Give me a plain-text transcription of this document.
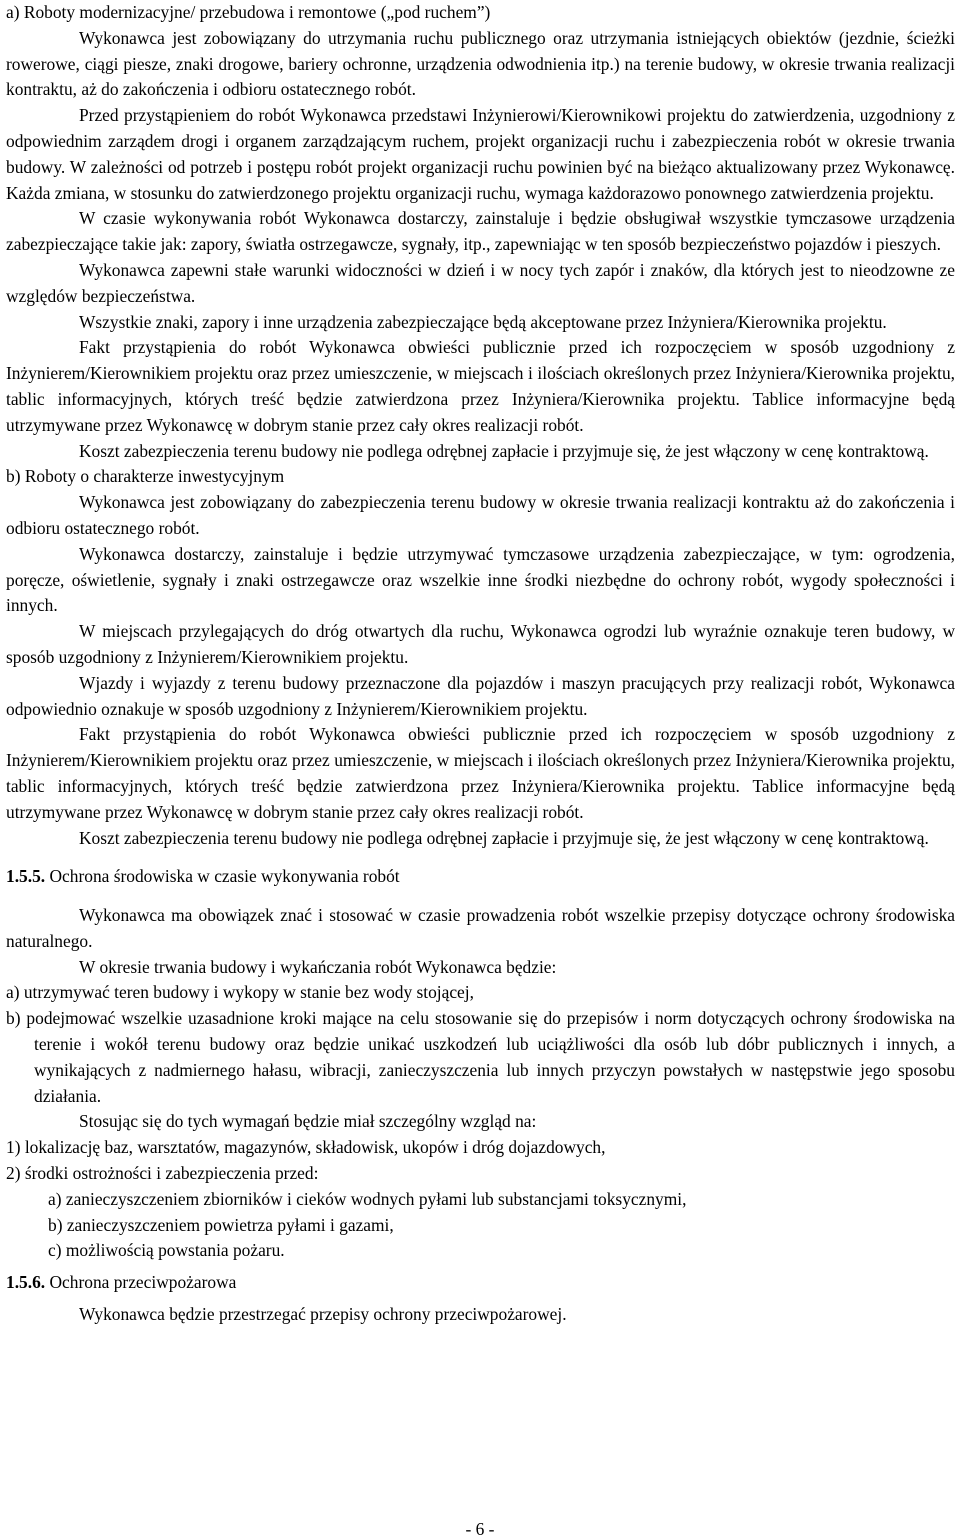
a) Roboty modernizacyjne/ przebudowa i remontowe („pod ruchem”)

Wykonawca jest zobowiązany do utrzymania ruchu publicznego oraz utrzymania istniejących obiektów (jezdnie, ścieżki rowerowe, ciągi piesze, znaki drogowe, bariery ochronne, urządzenia odwodnienia itp.) na terenie budowy, w okresie trwania realizacji kontraktu, aż do zakończenia i odbioru ostatecznego robót.

Przed przystąpieniem do robót Wykonawca przedstawi Inżynierowi/Kierownikowi projektu do zatwierdzenia, uzgodniony z odpowiednim zarządem drogi i organem zarządzającym ruchem, projekt organizacji ruchu i zabezpieczenia robót w okresie trwania budowy. W zależności od potrzeb i postępu robót projekt organizacji ruchu powinien być na bieżąco aktualizowany przez Wykonawcę. Każda zmiana, w stosunku do zatwierdzonego projektu organizacji ruchu, wymaga każdorazowo ponownego zatwierdzenia projektu.

W czasie wykonywania robót Wykonawca dostarczy, zainstaluje i będzie obsługiwał wszystkie tymczasowe urządzenia zabezpieczające takie jak: zapory, światła ostrzegawcze, sygnały, itp., zapewniając w ten sposób bezpieczeństwo pojazdów i pieszych.

Wykonawca zapewni stałe warunki widoczności w dzień i w nocy tych zapór i znaków, dla których jest to nieodzowne ze względów bezpieczeństwa.

Wszystkie znaki, zapory i inne urządzenia zabezpieczające będą akceptowane przez Inżyniera/Kierownika projektu.

Fakt przystąpienia do robót Wykonawca obwieści publicznie przed ich rozpoczęciem w sposób uzgodniony z Inżynierem/Kierownikiem projektu oraz przez umieszczenie, w miejscach i ilościach określonych przez Inżyniera/Kierownika projektu, tablic informacyjnych, których treść będzie zatwierdzona przez Inżyniera/Kierownika projektu. Tablice informacyjne będą utrzymywane przez Wykonawcę w dobrym stanie przez cały okres realizacji robót.

Koszt zabezpieczenia terenu budowy nie podlega odrębnej zapłacie i przyjmuje się, że jest włączony w cenę kontraktową.

b) Roboty o charakterze inwestycyjnym

Wykonawca jest zobowiązany do zabezpieczenia terenu budowy w okresie trwania realizacji kontraktu aż do zakończenia i odbioru ostatecznego robót.

Wykonawca dostarczy, zainstaluje i będzie utrzymywać tymczasowe urządzenia zabezpieczające, w tym: ogrodzenia, poręcze, oświetlenie, sygnały i znaki ostrzegawcze oraz wszelkie inne środki niezbędne do ochrony robót, wygody społeczności i innych.

W miejscach przylegających do dróg otwartych dla ruchu, Wykonawca ogrodzi lub wyraźnie oznakuje teren budowy, w sposób uzgodniony z Inżynierem/Kierownikiem projektu.

Wjazdy i wyjazdy z terenu budowy przeznaczone dla pojazdów i maszyn pracujących przy realizacji robót, Wykonawca odpowiednio oznakuje w sposób uzgodniony z Inżynierem/Kierownikiem projektu.

Fakt przystąpienia do robót Wykonawca obwieści publicznie przed ich rozpoczęciem w sposób uzgodniony z Inżynierem/Kierownikiem projektu oraz przez umieszczenie, w miejscach i ilościach określonych przez Inżyniera/Kierownika projektu, tablic informacyjnych, których treść będzie zatwierdzona przez Inżyniera/Kierownika projektu. Tablice informacyjne będą utrzymywane przez Wykonawcę w dobrym stanie przez cały okres realizacji robót.

Koszt zabezpieczenia terenu budowy nie podlega odrębnej zapłacie i przyjmuje się, że jest włączony w cenę kontraktową.

1.5.5. Ochrona środowiska w czasie wykonywania robót

Wykonawca ma obowiązek znać i stosować w czasie prowadzenia robót wszelkie przepisy dotyczące ochrony środowiska naturalnego.

W okresie trwania budowy i wykańczania robót Wykonawca będzie:

a) utrzymywać teren budowy i wykopy w stanie bez wody stojącej,

b) podejmować wszelkie uzasadnione kroki mające na celu stosowanie się do przepisów i norm dotyczących ochrony środowiska na terenie i wokół terenu budowy oraz będzie unikać uszkodzeń lub uciążliwości dla osób lub dóbr publicznych i innych, a wynikających z nadmiernego hałasu, wibracji, zanieczyszczenia lub innych przyczyn powstałych w następstwie jego sposobu działania.

Stosując się do tych wymagań będzie miał szczególny wzgląd na:

1) lokalizację baz, warsztatów, magazynów, składowisk, ukopów i dróg dojazdowych,

2) środki ostrożności i zabezpieczenia przed:

a) zanieczyszczeniem zbiorników i cieków wodnych pyłami lub substancjami toksycznymi,

b) zanieczyszczeniem powietrza pyłami i gazami,

c) możliwością powstania pożaru.

1.5.6. Ochrona przeciwpożarowa

Wykonawca będzie przestrzegać przepisy ochrony przeciwpożarowej.

- 6 -
